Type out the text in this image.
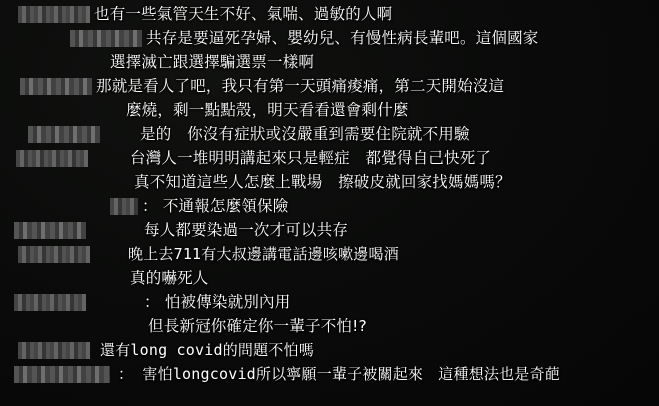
也有一些氣管天生不好、氣喘、過敏的人啊
共存是要逼死孕婦、嬰幼兒、有慢性病長輩吧。這個國家
選擇滅亡跟選擇騙選票一樣啊
那就是看人了吧，我只有第一天頭痛痠痛，第二天開始沒這
麼燒，剩一點點殼，明天看看還會剩什麼
是的　你沒有症狀或沒嚴重到需要住院就不用驗
台灣人一堆明明講起來只是輕症　都覺得自己快死了
真不知道這些人怎麼上戰場　擦破皮就回家找媽媽嗎？
： 不通報怎麼領保險
每人都要染過一次才可以共存
晚上去711有大叔邊講電話邊咳嗽邊喝酒
真的嚇死人
： 怕被傳染就別內用
但長新冠你確定你一輩子不怕!?
還有long covid的問題不怕嗎
： 害怕longcovid所以寧願一輩子被關起來　這種想法也是奇葩
